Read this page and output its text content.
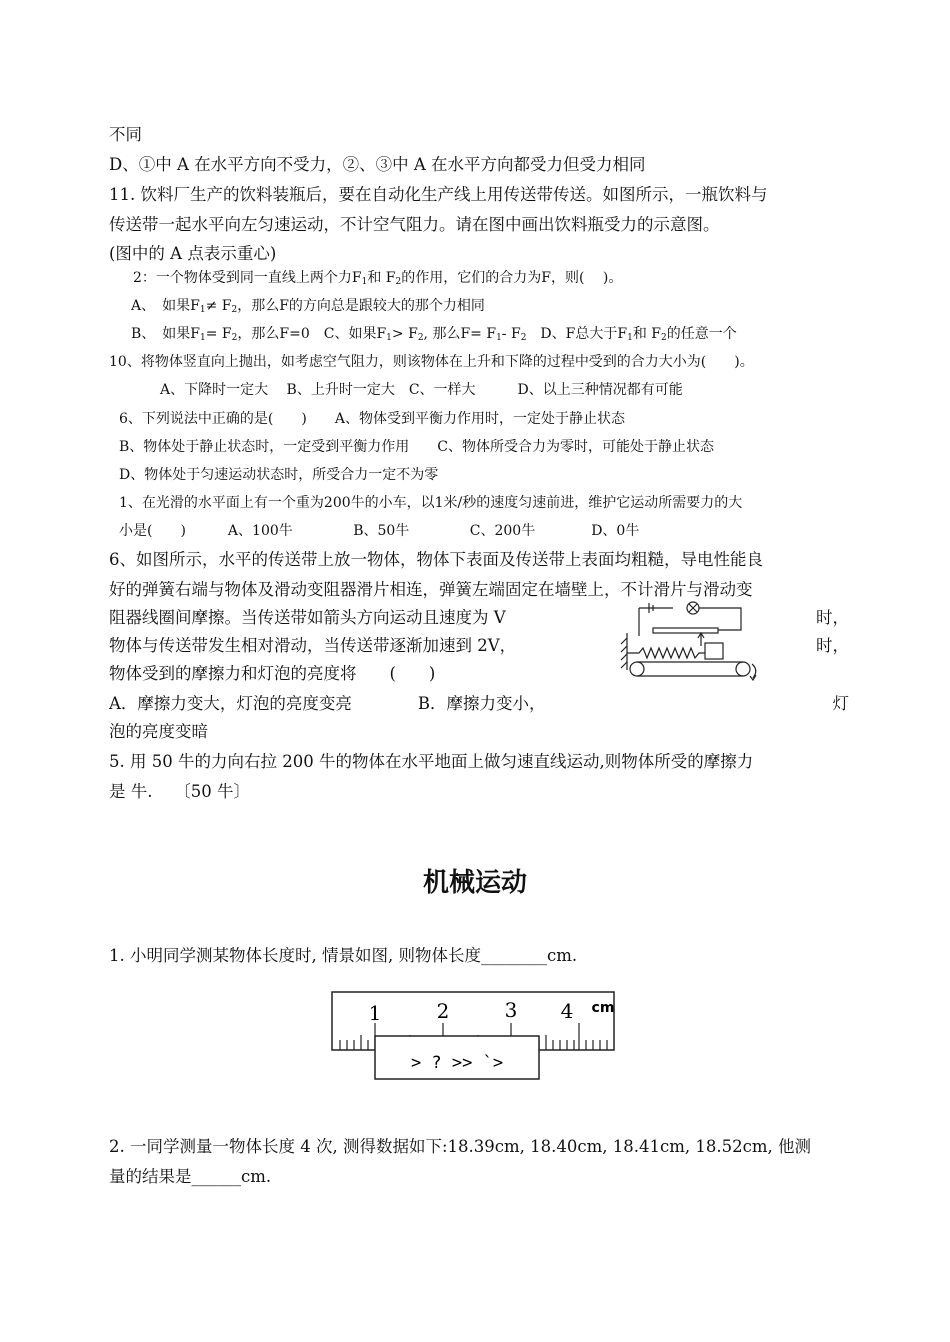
不同
D、①中 A 在水平方向不受力，②、③中 A 在水平方向都受力但受力相同
11. 饮料厂生产的饮料装瓶后，要在自动化生产线上用传送带传送。如图所示，一瓶饮料与
传送带一起水平向左匀速运动，不计空气阻力。请在图中画出饮料瓶受力的示意图。
(图中的 A 点表示重心)
2：一个物体受到同一直线上两个力$F_1$和 $F_2$的作用，它们的合力为F，则(　 )。
A、　如果$F_1\ne F_2$，那么F的方向总是跟较大的那个力相同
B、　如果$F_1= F_2$，那么F=0　C、如果$F_1> F_2$, 那么$F= F_1-$ $F_2$　D、F总大于$F_1$和 $F_2$的任意一个
10、将物体竖直向上抛出，如考虑空气阻力，则该物体在上升和下降的过程中受到的合力大小为(　　)。
A、下降时一定大　 B、上升时一定大　C、一样大　　　D、以上三种情况都有可能
6、下列说法中正确的是(　　)　　A、物体受到平衡力作用时，一定处于静止状态
B、物体处于静止状态时，一定受到平衡力作用　　C、物体所受合力为零时，可能处于静止状态
D、物体处于匀速运动状态时，所受合力一定不为零
1、在光滑的水平面上有一个重为200牛的小车，以1米/秒的速度匀速前进，维护它运动所需要力的大
小是(　　)　　　A、100牛　　　　 B、50牛　　　　 C、200牛　　　　D、0牛
6、如图所示，水平的传送带上放一物体，物体下表面及传送带上表面均粗糙，导电性能良
好的弹簧右端与物体及滑动变阻器滑片相连，弹簧左端固定在墙壁上，不计滑片与滑动变
阻器线圈间摩擦。当传送带如箭头方向运动且速度为 V	时，
物体与传送带发生相对滑动，当传送带逐渐加速到 2V，	时，
物体受到的摩擦力和灯泡的亮度将　　(　　)
A．摩擦力变大，灯泡的亮度变亮　　　　B．摩擦力变小，	灯
泡的亮度变暗
5. 用 50 牛的力向右拉 200 牛的物体在水平地面上做匀速直线运动,则物体所受的摩擦力
是 牛.　 〔50 牛〕
机械运动
1. 小明同学测某物体长度时, 情景如图, 则物体长度________cm.
1	2	3 4 cm
> ? >> `>
2. 一同学测量一物体长度 4 次, 测得数据如下:18.39cm, 18.40cm, 18.41cm, 18.52cm, 他测
量的结果是______cm.
